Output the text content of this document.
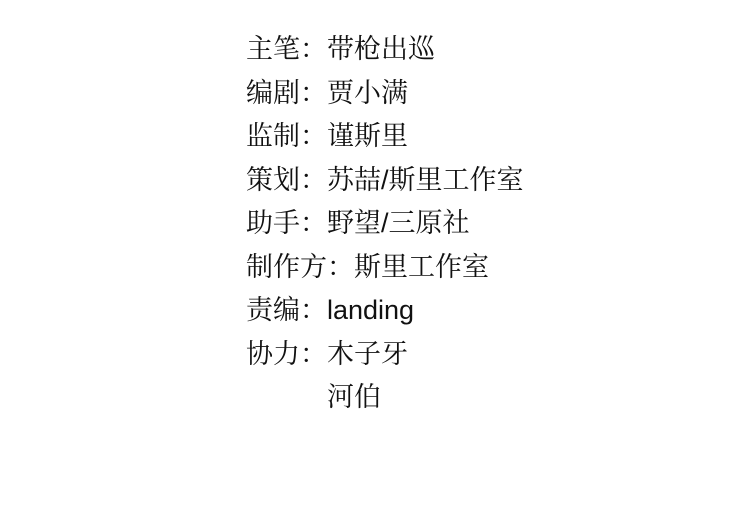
主笔：带枪出巡
编剧：贾小满
监制：谨斯里
策划：苏喆/斯里工作室
助手：野望/三原社
制作方：斯里工作室
责编：landing
协力：木子牙
河伯
